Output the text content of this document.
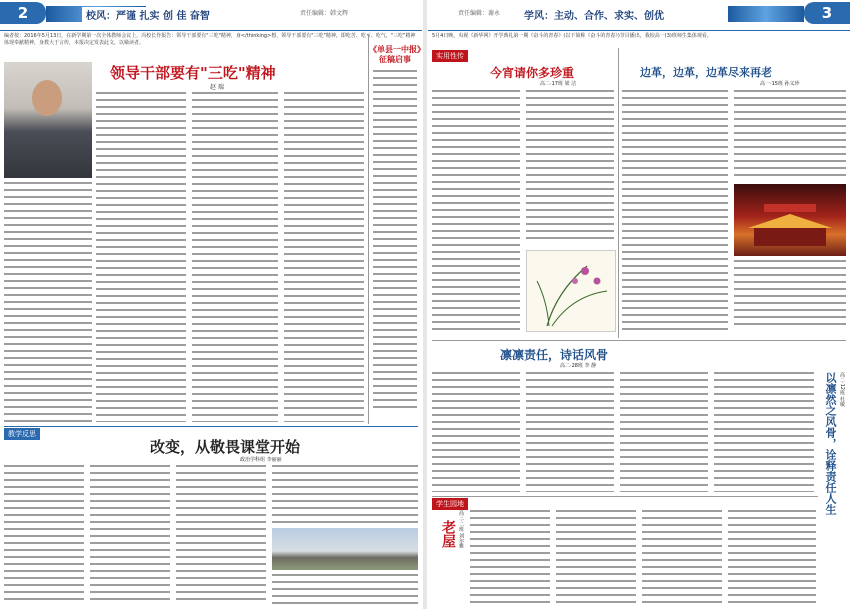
2	校风：严谨 扎实 创 佳 奋智	责任编辑：韩文辉
编者按：2016年5月13日，在新学期第一次全体教师会议上，冯校长作报告：领导干部要有"三吃"精神，身</thinking>想，领导干部要有"三吃"精神，即吃苦、吃亏、吃气，"三吃"精神体现奉献精神，身教大于言传，本报决定发表此文，以飨读者。
领导干部要有"三吃"精神
赵 瑞
《单县一中报》征稿启事
教学反思
改变，从敬畏课堂开始
政治学科组 李丽丽
责任编辑：谢永	学风：主动、合作、求实、创优	3
5月4日晚，央视《新华网》开学典礼第一期《奋斗的青春》(以下简称《奋斗的青春》)节目播出，我校高一(3)班师生集体观看。
实用性传
今宵请你多珍重
高二·17班 梁 洁
边革，边革，边革尽来再老
高一·15班 孙义珍
凛凛责任，诗话风骨
高二·28班 李 静
以凛然之风骨，诠释责任人生 高二·12班 杜敏
学生园地
老屋 高三·二班 刘尔雅
